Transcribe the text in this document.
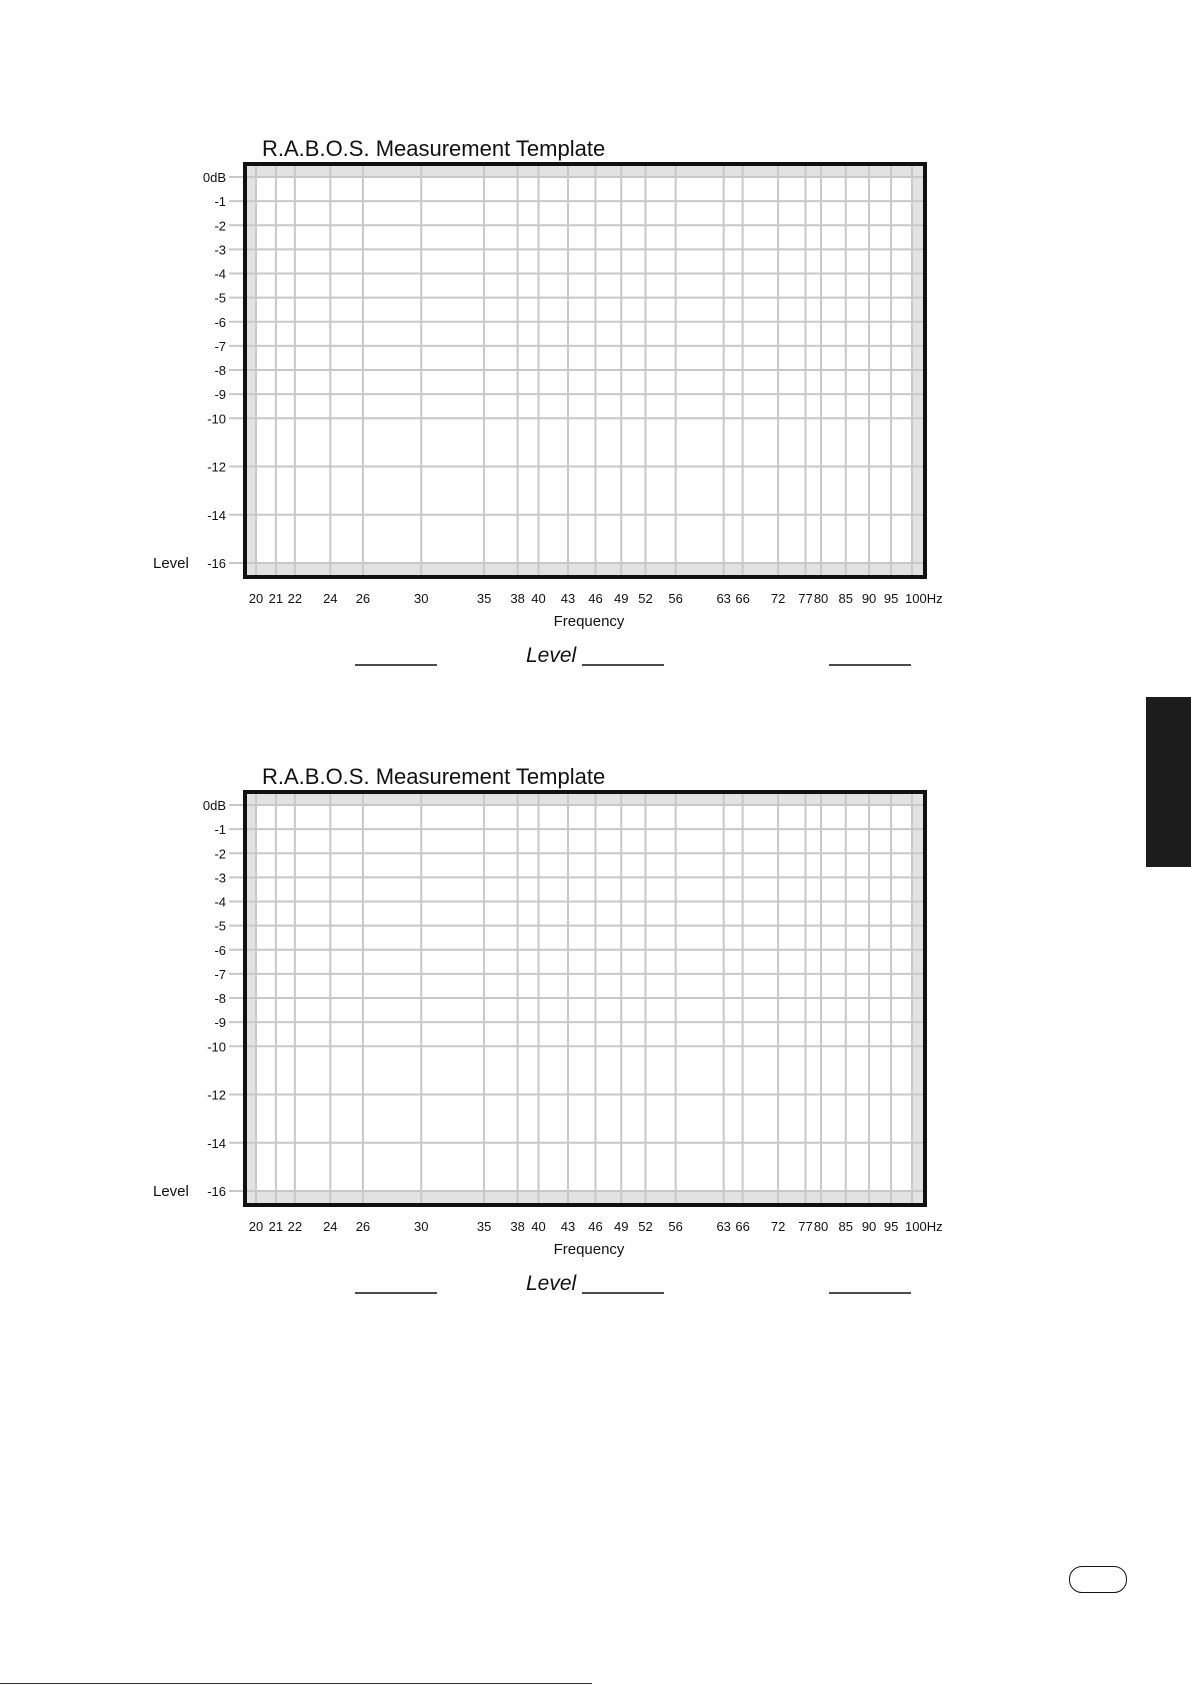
R.A.B.O.S. Measurement Template
0dB
-1
-2
-3
-4
-5
-6
-7
-8
-9
-10
-12
-14
-16
20 21 22 24 26	30	35 38 40 43 46 49 52 56	63 66 72 77 80 85 90 95 100Hz
Level
Frequency
Level
R.A.B.O.S. Measurement Template
0dB
-1
-2
-3
-4
-5
-6
-7
-8
-9
-10
-12
-14
-16
20 21 22 24 26	30	35 38 40 43 46 49 52 56	63 66 72 77 80 85 90 95 100Hz
Level
Frequency
Level
